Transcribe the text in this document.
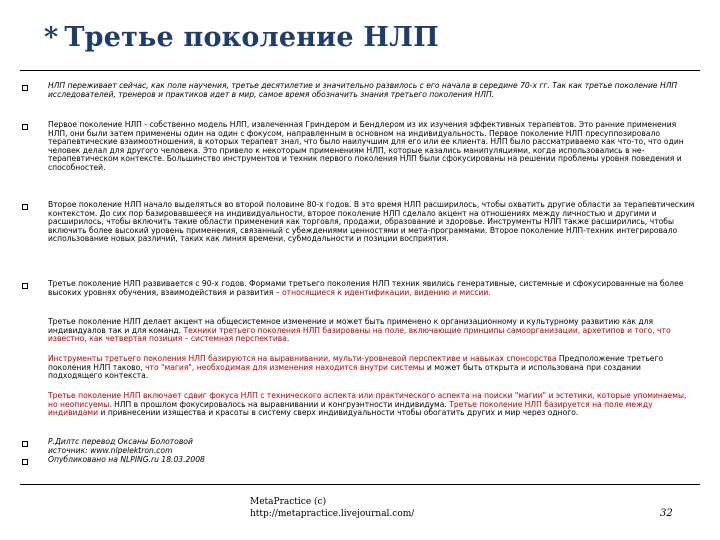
* Третье поколение НЛП

НЛП переживает сейчас, как поле научения, третье десятилетие и значительно развилось с его начала в середине 70-х гг. Так как третье поколение НЛП исследователей, тренеров и практиков идет в мир, самое время обозначить знания третьего поколения НЛП.

Первое поколение НЛП - собственно модель НЛП, извлеченная Гриндером и Бендлером из их изучения эффективных терапевтов. Это ранние применения НЛП, они были затем применены один на один с фокусом, направленным в основном на индивидуальность. Первое поколение НЛП пресуппозировало терапевтические взаимоотношения, в которых терапевт знал, что было наилучшим для его или ее клиента. НЛП было рассматриваемо как что-то, что один человек делал для другого человека. Это привело к некоторым применениям НЛП, которые казались манипуляциями, когда использовались в не-терапевтическом контексте. Большинство инструментов и техник первого поколения НЛП были сфокусированы на решении проблемы уровня поведения и способностей.

Второе поколение НЛП начало выделяться во второй половине 80-х годов. В это время НЛП расширилось, чтобы охватить другие области за терапевтическим контекстом. До сих пор базировавшееся на индивидуальности, второе поколение НЛП сделало акцент на отношениях между личностью и другими и расширилось, чтобы включить такие области применения как торговля, продажи, образование и здоровье. Инструменты НЛП также расширились, чтобы включить более высокий уровень применения, связанный с убеждениями ценностями и мета-программами. Второе поколение НЛП-техник интегрировало использование новых различий, таких как линия времени, субмодальности и позиции восприятия.

Третье поколение НЛП развивается с 90-х годов. Формами третьего поколения НЛП техник явились генеративные, системные и сфокусированные на более высоких уровнях обучения, взаимодействия и развития – относящиеся к идентификации, видению и миссии.

Третье поколение НЛП делает акцент на общесистемное изменение и может быть применено к организационному и культурному развитию как для индивидуалов так и для команд. Техники третьего поколения НЛП базированы на поле, включающие принципы самоорганизации, архетипов и того, что известно, как четвертая позиция – системная перспектива.

Инструменты третьего поколения НЛП базируются на выравнивании, мульти-уровневой перспективе и навыках спонсорства Предположение третьего поколения НЛП таково, что "магия", необходимая для изменения находится внутри системы и может быть открыта и использована при создании подходящего контекста.

Третье поколение НЛП включает сдвиг фокуса НЛП с технического аспекта или практического аспекта на поиски "магии" и эстетики, которые упоминаемы, но неописуемы. НЛП в прошлом фокусировалось на выравнивании и конгруэнтности индивидума. Третье поколение НЛП базируется на поле между индивидами и привнесении изящества и красоты в систему сверх индивидуальности чтобы обогатить других и мир через одного.

Р.Дилтс перевод Оксаны Болотовой

источник: www.nlpelektron.com

Опубликовано на NLPING.ru 18.03.2008

MetaPractice (c)
http://metapractice.livejournal.com/	32
